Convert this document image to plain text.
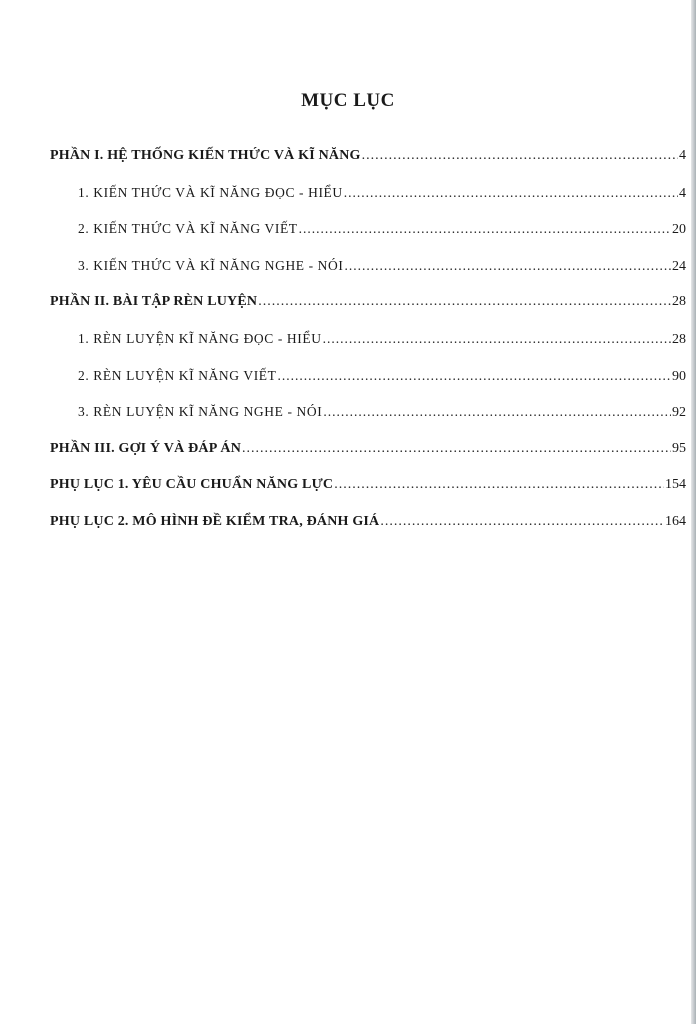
MỤC LỤC
PHẦN I. HỆ THỐNG KIẾN THỨC VÀ KĨ NĂNG .....	4
1. KIẾN THỨC VÀ KĨ NĂNG ĐỌC - HIỂU .....	4
2. KIẾN THỨC VÀ KĨ NĂNG VIẾT .....	20
3. KIẾN THỨC VÀ KĨ NĂNG NGHE - NÓI .....	24
PHẦN II. BÀI TẬP RÈN LUYỆN .....	28
1. RÈN LUYỆN KĨ NĂNG ĐỌC - HIỂU .....	28
2. RÈN LUYỆN KĨ NĂNG VIẾT .....	90
3. RÈN LUYỆN KĨ NĂNG NGHE - NÓI .....	92
PHẦN III. GỢI Ý VÀ ĐÁP ÁN .....	95
PHỤ LỤC 1. YÊU CẦU CHUẨN NĂNG LỰC .....	154
PHỤ LỤC 2. MÔ HÌNH ĐỀ KIỂM TRA, ĐÁNH GIÁ .....	164
